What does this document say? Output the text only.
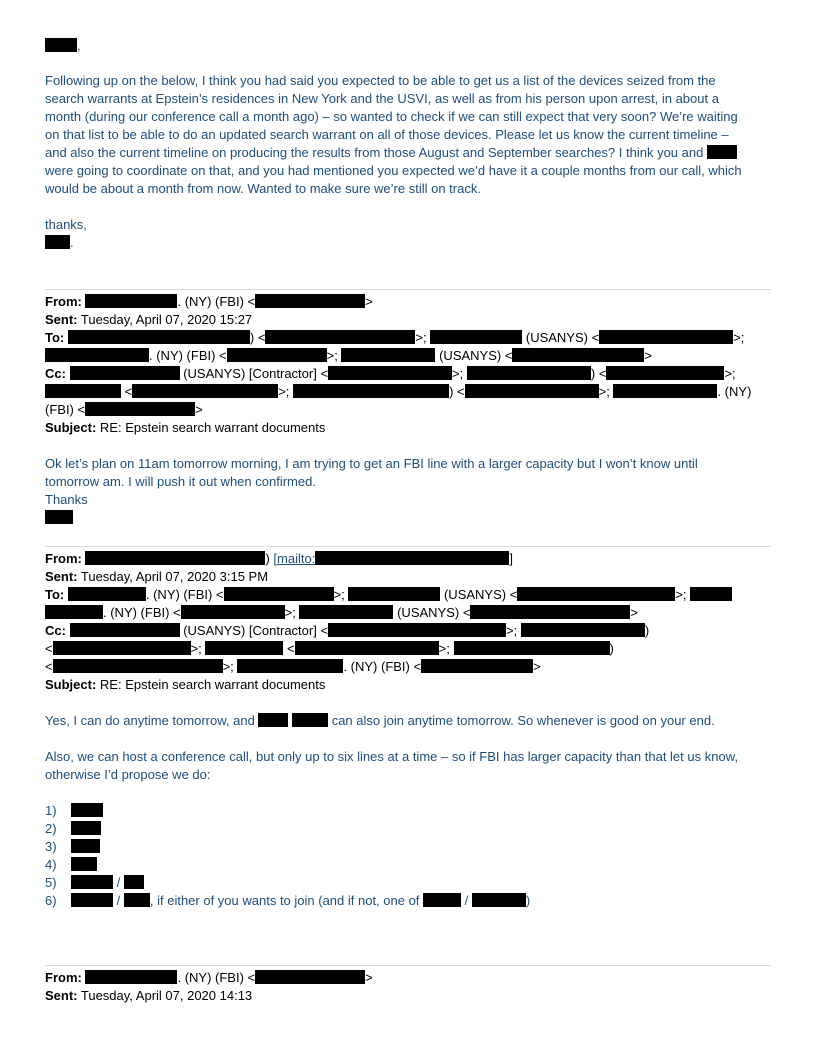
,
Following up on the below, I think you had said you expected to be able to get us a list of the devices seized from the
search warrants at Epstein’s residences in New York and the USVI, as well as from his person upon arrest, in about a
month (during our conference call a month ago) – so wanted to check if we can still expect that very soon? We’re waiting
on that list to be able to do an updated search warrant on all of those devices. Please let us know the current timeline –
and also the current timeline on producing the results from those August and September searches? I think you and
were going to coordinate on that, and you had mentioned you expected we’d have it a couple months from our call, which
would be about a month from now. Wanted to make sure we’re still on track.
thanks,
.
From:	. (NY) (FBI) <	>
Sent: Tuesday, April 07, 2020 15:27
To:	) <	>;	(USANYS) <	>;
. (NY) (FBI) <	>;	(USANYS) <	>
Cc:	(USANYS) [Contractor] <	>;	) <	>;
<	>;	) <	>;	. (NY)
(FBI) <	>
Subject: RE: Epstein search warrant documents
Ok let’s plan on 11am tomorrow morning, I am trying to get an FBI line with a larger capacity but I won’t know until
tomorrow am. I will push it out when confirmed.
Thanks
From:	) [mailto:	]
Sent: Tuesday, April 07, 2020 3:15 PM
To:	. (NY) (FBI) <	>;	(USANYS) <	>;
. (NY) (FBI) <	>;	(USANYS) <	>
Cc:	(USANYS) [Contractor] <	>;	)
<	>;	<	>;	)
<	>;	. (NY) (FBI) <	>
Subject: RE: Epstein search warrant documents
Yes, I can do anytime tomorrow, and	can also join anytime tomorrow. So whenever is good on your end.
Also, we can host a conference call, but only up to six lines at a time – so if FBI has larger capacity than that let us know,
otherwise I’d propose we do:
1)
2)
3)
4)
5)	/
6)	/ , if either of you wants to join (and if not, one of	/	)
From:	. (NY) (FBI) <	>
Sent: Tuesday, April 07, 2020 14:13
